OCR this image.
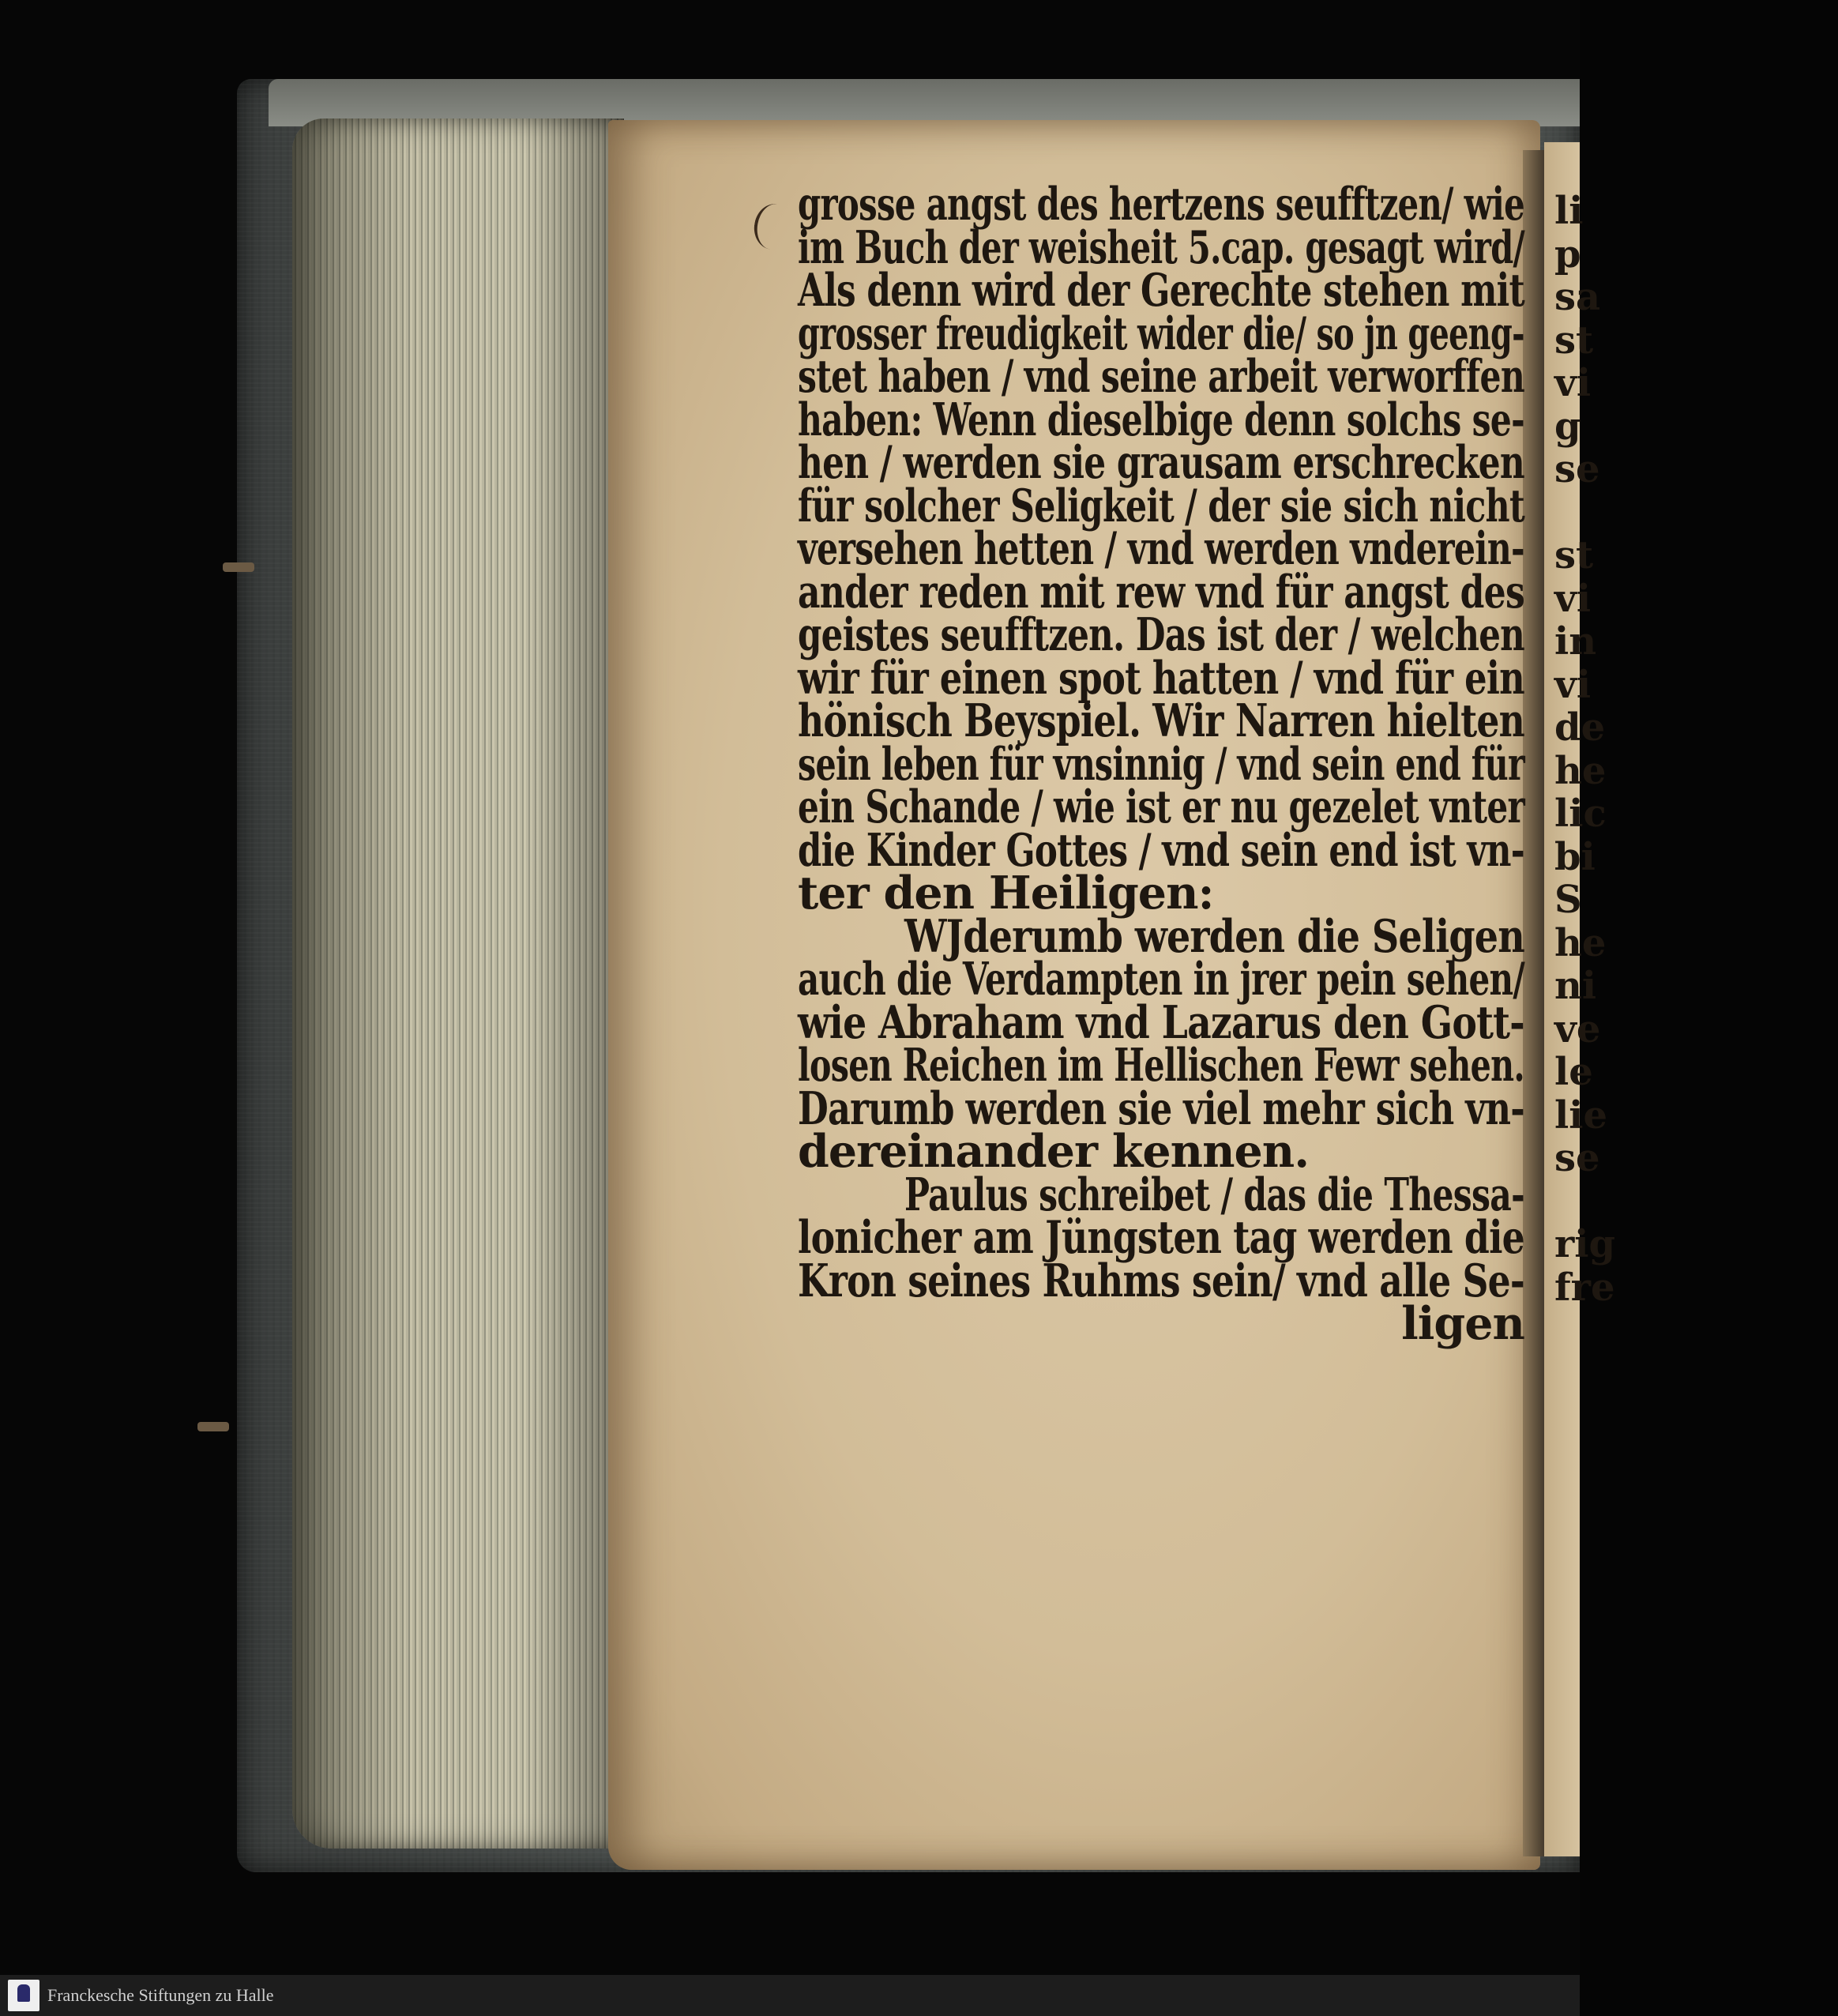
grosse angst des hertzens seufftzen/ wie
im Buch der weisheit 5.cap. gesagt wird/
Als denn wird der Gerechte stehen mit
grosser freudigkeit wider die/ so jn geeng-
stet haben / vnd seine arbeit verworffen
haben: Wenn dieselbige denn solchs se-
hen / werden sie grausam erschrecken
für solcher Seligkeit / der sie sich nicht
versehen hetten / vnd werden vnderein-
ander reden mit rew vnd für angst des
geistes seufftzen. Das ist der / welchen
wir für einen spot hatten / vnd für ein
hönisch Beyspiel. Wir Narren hielten
sein leben für vnsinnig / vnd sein end für
ein Schande / wie ist er nu gezelet vnter
die Kinder Gottes / vnd sein end ist vn-
ter den Heiligen:
WJderumb werden die Seligen
auch die Verdampten in jrer pein sehen/
wie Abraham vnd Lazarus den Gott-
losen Reichen im Hellischen Fewr sehen.
Darumb werden sie viel mehr sich vn-
dereinander kennen.
Paulus schreibet / das die Thessa-
lonicher am Jüngsten tag werden die
Kron seines Ruhms sein/ vnd alle Se-
ligen
li
p
sa
st
vi
g
se
st
vi
in
vi
de
he
lic
bi
S
he
ni
ve
le
lie
se
rig
fre
Franckesche Stiftungen zu Halle
